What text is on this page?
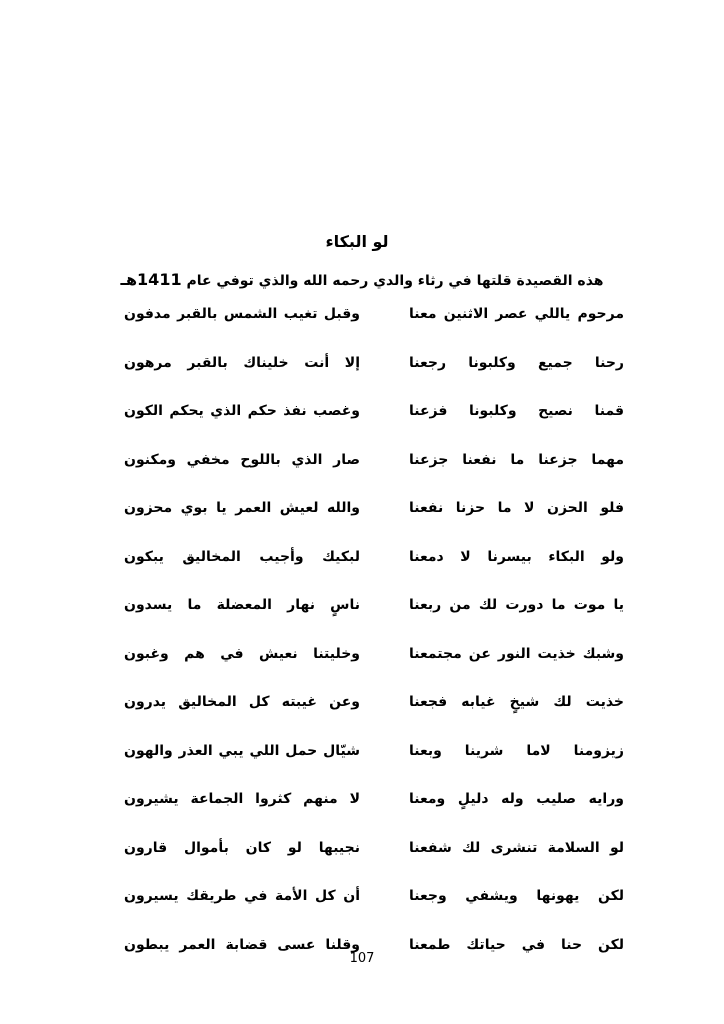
لو البكاء
هذه القصيدة قلتها في رثاء والدي رحمه الله والذي توفي عام 1411هـ
مرحوم ياللي عصر الاثنين معنا
وقبل تغيب الشمس بالقبر مدفون
رحنا جميع وكلبونا رجعنا
إلا أنت خليناك بالقبر مرهون
قمنا نصيح وكلبونا فزعنا
وغصب نفذ حكم الذي يحكم الكون
مهما جزعنا ما نفعنا جزعنا
صار الذي باللوح مخفي ومكنون
فلو الحزن لا ما حزنا نفعنا
والله لعيش العمر يا بوي محزون
ولو البكاء بيسرنا لا دمعنا
لبكيك وأجيب المخاليق يبكون
يا موت ما دورت لك من ربعنا
ناسٍ نهار المعضلة ما يسدون
وشبك خذيت النور عن مجتمعنا
وخليتنا نعيش في هم وغبون
خذيت لك شيخٍ غيابه فجعنا
وعن غيبته كل المخاليق يدرون
زيزومنا لاما شرينا وبعنا
شيّال حمل اللي يبي العذر والهون
ورايه صليب وله دليلٍ ومعنا
لا منهم كثروا الجماعة يشيرون
لو السلامة تنشرى لك شفعنا
نجيبها لو كان بأموال قارون
لكن يهونها ويشفي وجعنا
أن كل الأمة في طريقك يسيرون
لكن حنا في حياتك طمعنا
وقلنا عسى قضابة العمر يبطون
107
